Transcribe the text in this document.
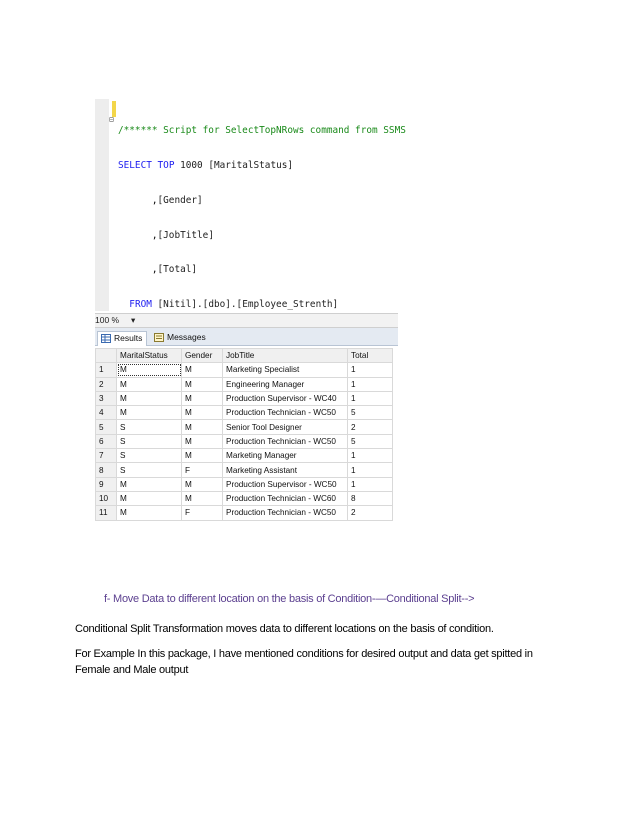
⊟

/****** Script for SelectTopNRows command from SSMS

SELECT TOP 1000 [MaritalStatus]

,[Gender]

,[JobTitle]

,[Total]

FROM [Nitil].[dbo].[Employee_Strenth]

100 % ▾
Results	Messages
	MaritalStatus	Gender	JobTitle	Total
1	M	M	Marketing Specialist	1
2	M	M	Engineering Manager	1
3	M	M	Production Supervisor - WC40	1
4	M	M	Production Technician - WC50	5
5	S	M	Senior Tool Designer	2
6	S	M	Production Technician - WC50	5
7	S	M	Marketing Manager	1
8	S	F	Marketing Assistant	1
9	M	M	Production Supervisor - WC50	1
10	M	M	Production Technician - WC60	8
11	M	F	Production Technician - WC50	2
f- Move Data to different location on the basis of Condition-—Conditional Split-->
Conditional Split Transformation moves data to different locations on the basis of condition.
For Example In this package, I have mentioned conditions for desired output and data get spitted in
Female and Male output
